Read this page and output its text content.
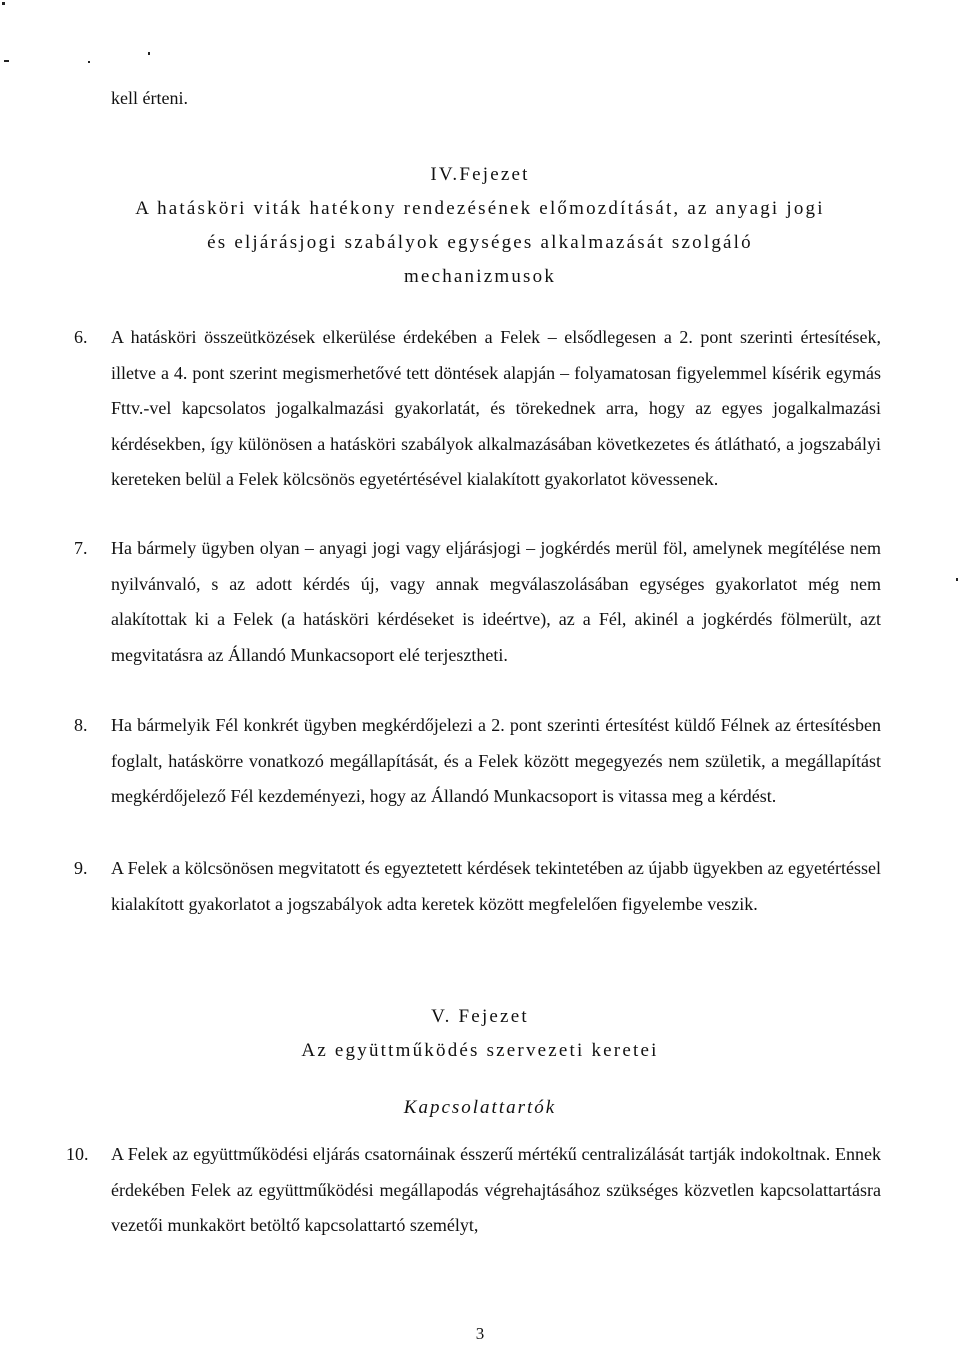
kell érteni.
IV.Fejezet
A hatásköri viták hatékony rendezésének előmozdítását, az anyagi jogi
és eljárásjogi szabályok egységes alkalmazását szolgáló
mechanizmusok
6. A hatásköri összeütközések elkerülése érdekében a Felek – elsődlegesen a 2. pont szerinti értesítések, illetve a 4. pont szerint megismerhetővé tett döntések alapján – folyamatosan figyelemmel kísérik egymás Fttv.-vel kapcsolatos jogalkalmazási gyakorlatát, és törekednek arra, hogy az egyes jogalkalmazási kérdésekben, így különösen a hatásköri szabályok alkalmazásában következetes és átlátható, a jogszabályi kereteken belül a Felek kölcsönös egyetértésével kialakított gyakorlatot kövessenek.
7. Ha bármely ügyben olyan – anyagi jogi vagy eljárásjogi – jogkérdés merül föl, amelynek megítélése nem nyilvánvaló, s az adott kérdés új, vagy annak megválaszolásában egységes gyakorlatot még nem alakítottak ki a Felek (a hatásköri kérdéseket is ideértve), az a Fél, akinél a jogkérdés fölmerült, azt megvitatásra az Állandó Munkacsoport elé terjesztheti.
8. Ha bármelyik Fél konkrét ügyben megkérdőjelezi a 2. pont szerinti értesítést küldő Félnek az értesítésben foglalt, hatáskörre vonatkozó megállapítását, és a Felek között megegyezés nem születik, a megállapítást megkérdőjelező Fél kezdeményezi, hogy az Állandó Munkacsoport is vitassa meg a kérdést.
9. A Felek a kölcsönösen megvitatott és egyeztetett kérdések tekintetében az újabb ügyekben az egyetértéssel kialakított gyakorlatot a jogszabályok adta keretek között megfelelően figyelembe veszik.
V. Fejezet
Az együttműködés szervezeti keretei
Kapcsolattartók
10. A Felek az együttműködési eljárás csatornáinak ésszerű mértékű centralizálását tartják indokoltnak. Ennek érdekében Felek az együttműködési megállapodás végrehajtásához szükséges közvetlen kapcsolattartásra vezetői munkakört betöltő kapcsolattartó személyt,
3
